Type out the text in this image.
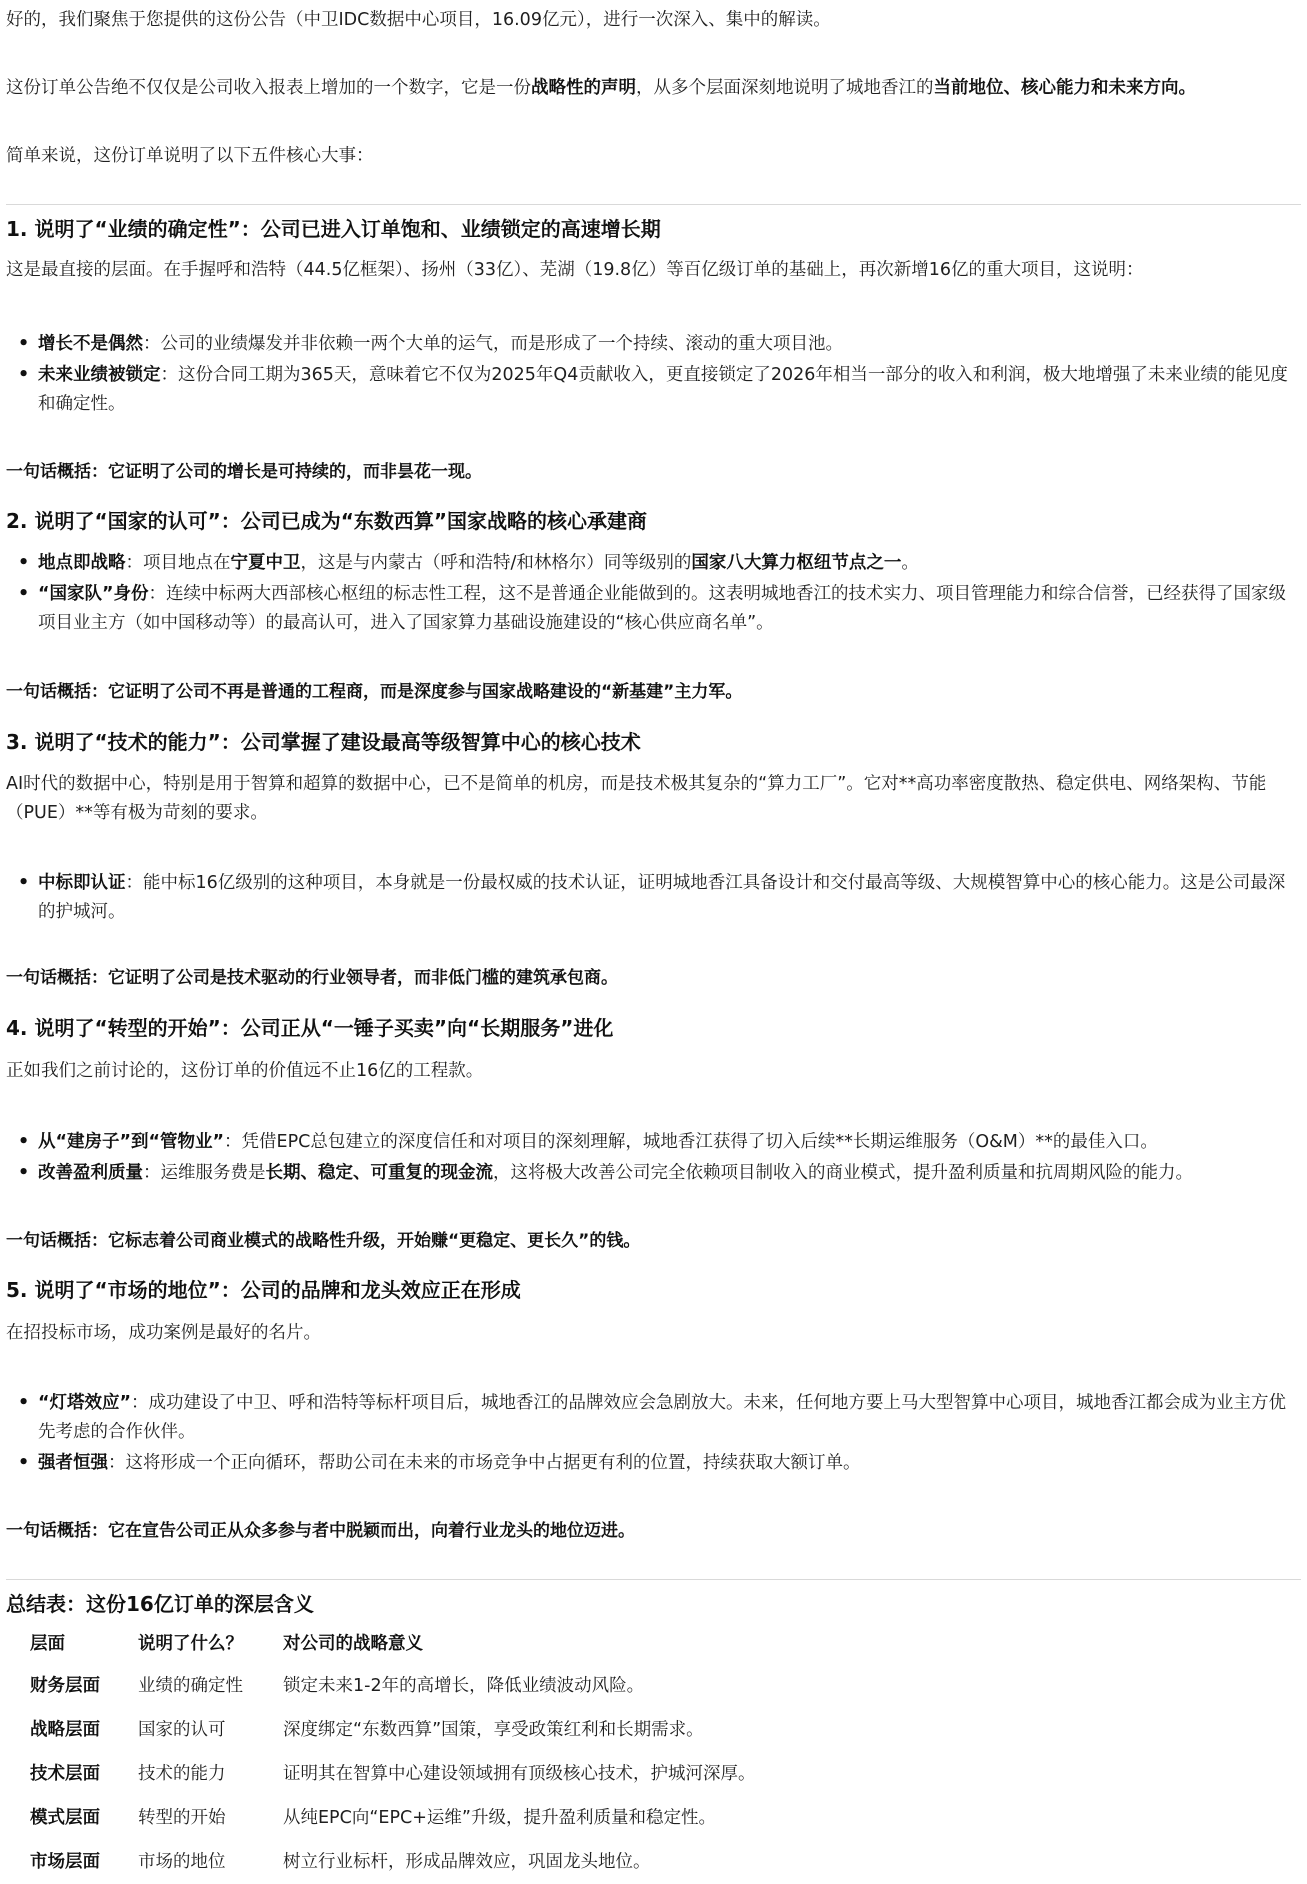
好的，我们聚焦于您提供的这份公告（中卫IDC数据中心项目，16.09亿元），进行一次深入、集中的解读。

这份订单公告绝不仅仅是公司收入报表上增加的一个数字，它是一份战略性的声明，从多个层面深刻地说明了城地香江的当前地位、核心能力和未来方向。

简单来说，这份订单说明了以下五件核心大事：

1. 说明了“业绩的确定性”：公司已进入订单饱和、业绩锁定的高速增长期

这是最直接的层面。在手握呼和浩特（44.5亿框架）、扬州（33亿）、芜湖（19.8亿）等百亿级订单的基础上，再次新增16亿的重大项目，这说明：

• 增长不是偶然：公司的业绩爆发并非依赖一两个大单的运气，而是形成了一个持续、滚动的重大项目池。
• 未来业绩被锁定：这份合同工期为365天，意味着它不仅为2025年Q4贡献收入，更直接锁定了2026年相当一部分的收入和利润，极大地增强了未来业绩的能见度和确定性。

一句话概括：它证明了公司的增长是可持续的，而非昙花一现。

2. 说明了“国家的认可”：公司已成为“东数西算”国家战略的核心承建商
• 地点即战略：项目地点在宁夏中卫，这是与内蒙古（呼和浩特/和林格尔）同等级别的国家八大算力枢纽节点之一。
• “国家队”身份：连续中标两大西部核心枢纽的标志性工程，这不是普通企业能做到的。这表明城地香江的技术实力、项目管理能力和综合信誉，已经获得了国家级项目业主方（如中国移动等）的最高认可，进入了国家算力基础设施建设的“核心供应商名单”。

一句话概括：它证明了公司不再是普通的工程商，而是深度参与国家战略建设的“新基建”主力军。

3. 说明了“技术的能力”：公司掌握了建设最高等级智算中心的核心技术

AI时代的数据中心，特别是用于智算和超算的数据中心，已不是简单的机房，而是技术极其复杂的“算力工厂”。它对**高功率密度散热、稳定供电、网络架构、节能（PUE）**等有极为苛刻的要求。

• 中标即认证：能中标16亿级别的这种项目，本身就是一份最权威的技术认证，证明城地香江具备设计和交付最高等级、大规模智算中心的核心能力。这是公司最深的护城河。

一句话概括：它证明了公司是技术驱动的行业领导者，而非低门槛的建筑承包商。

4. 说明了“转型的开始”：公司正从“一锤子买卖”向“长期服务”进化

正如我们之前讨论的，这份订单的价值远不止16亿的工程款。

• 从“建房子”到“管物业”：凭借EPC总包建立的深度信任和对项目的深刻理解，城地香江获得了切入后续**长期运维服务（O&M）**的最佳入口。
• 改善盈利质量：运维服务费是长期、稳定、可重复的现金流，这将极大改善公司完全依赖项目制收入的商业模式，提升盈利质量和抗周期风险的能力。

一句话概括：它标志着公司商业模式的战略性升级，开始赚“更稳定、更长久”的钱。

5. 说明了“市场的地位”：公司的品牌和龙头效应正在形成

在招投标市场，成功案例是最好的名片。

• “灯塔效应”：成功建设了中卫、呼和浩特等标杆项目后，城地香江的品牌效应会急剧放大。未来，任何地方要上马大型智算中心项目，城地香江都会成为业主方优先考虑的合作伙伴。
• 强者恒强：这将形成一个正向循环，帮助公司在未来的市场竞争中占据更有利的位置，持续获取大额订单。

一句话概括：它在宣告公司正从众多参与者中脱颖而出，向着行业龙头的地位迈进。

总结表：这份16亿订单的深层含义
层面	说明了什么？	对公司的战略意义
财务层面	业绩的确定性	锁定未来1-2年的高增长，降低业绩波动风险。
战略层面	国家的认可	深度绑定“东数西算”国策，享受政策红利和长期需求。
技术层面	技术的能力	证明其在智算中心建设领域拥有顶级核心技术，护城河深厚。
模式层面	转型的开始	从纯EPC向“EPC+运维”升级，提升盈利质量和稳定性。
市场层面	市场的地位	树立行业标杆，形成品牌效应，巩固龙头地位。
